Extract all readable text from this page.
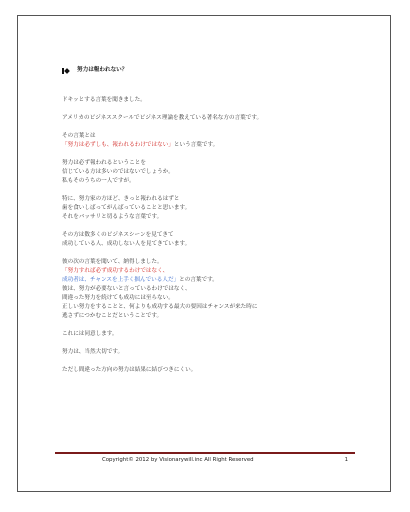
努力は報われない？
ドキッとする言葉を聞きました。
アメリカのビジネススクールでビジネス理論を教えている著名な方の言葉です。
その言葉とは
「努力は必ずしも、報われるわけではない」という言葉です。
努力は必ず報われるということを
信じている方は多いのではないでしょうか。
私もそのうちの一人ですが。
特に、努力家の方ほど、きっと報われるはずと
歯を食いしばってがんばっていることと思います。
それをバッサリと切るような言葉です。
その方は数多くのビジネスシーンを見てきて
成功している人、成功しない人を見てきています。
彼の次の言葉を聞いて、納得しました。
「努力すれば必ず成功するわけではなく、
成功者は、チャンスを上手く掴んでいる人だ」との言葉です。
彼は、努力が必要ないと言っているわけではなく、
間違った努力を続けても成功には至らない。
正しい努力をすることと、何よりも成功する最大の要因はチャンスが来た時に
逃さずにつかむことだということです。
これには同意します。
努力は、当然大切です。
ただし間違った方向の努力は結果に結びつきにくい。
Copyright© 2012 by Visionarywill.inc All Right Reserved	1
